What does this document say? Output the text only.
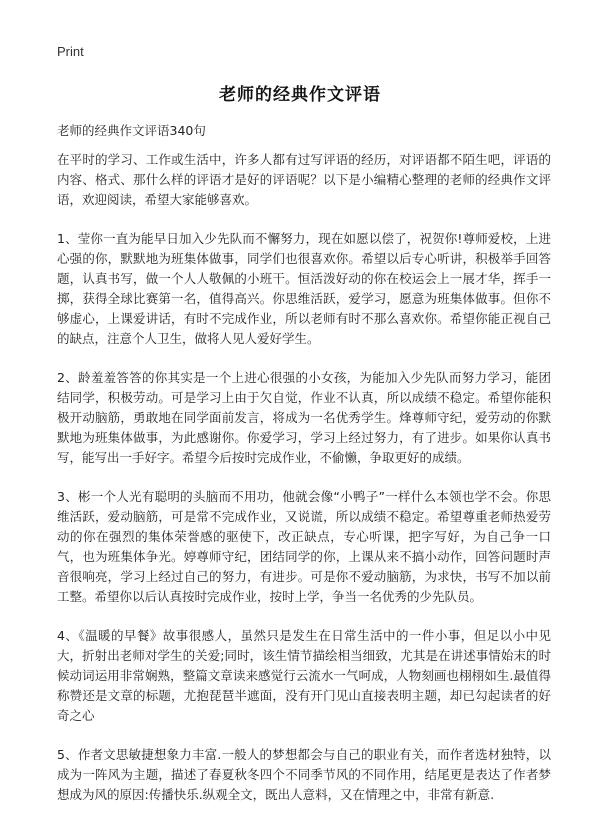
Print
老师的经典作文评语

老师的经典作文评语340句

在平时的学习、工作或生活中，许多人都有过写评语的经历，对评语都不陌生吧，评语的内容、格式、那什么样的评语才是好的评语呢？以下是小编精心整理的老师的经典作文评语，欢迎阅读，希望大家能够喜欢。

1、莹你一直为能早日加入少先队而不懈努力，现在如愿以偿了，祝贺你!尊师爱校，上进心强的你，默默地为班集体做事，同学们也很喜欢你。希望以后专心听讲，积极举手回答题，认真书写，做一个人人敬佩的小班干。恒活泼好动的你在校运会上一展才华，挥手一掷，获得全球比赛第一名，值得高兴。你思维活跃，爱学习，愿意为班集体做事。但你不够虚心，上课爱讲话，有时不完成作业，所以老师有时不那么喜欢你。希望你能正视自己的缺点，注意个人卫生，做将人见人爱好学生。

2、龄羞羞答答的你其实是一个上进心很强的小女孩，为能加入少先队而努力学习，能团结同学，积极劳动。可是学习上由于欠自觉，作业不认真，所以成绩不稳定。希望你能积极开动脑筋，勇敢地在同学面前发言，将成为一名优秀学生。烽尊师守纪，爱劳动的你默默地为班集体做事，为此感谢你。你爱学习，学习上经过努力，有了进步。如果你认真书写，能写出一手好字。希望今后按时完成作业，不偷懒，争取更好的成绩。

3、彬一个人光有聪明的头脑而不用功，他就会像“小鸭子”一样什么本领也学不会。你思维活跃，爱动脑筋，可是常不完成作业，又说谎，所以成绩不稳定。希望尊重老师热爱劳动的你在强烈的集体荣誉感的驱使下，改正缺点，专心听课，把字写好，为自己争一口气，也为班集体争光。婷尊师守纪，团结同学的你，上课从来不搞小动作，回答问题时声音很响亮，学习上经过自己的努力，有进步。可是你不爱动脑筋，为求快，书写不加以前工整。希望你以后认真按时完成作业，按时上学，争当一名优秀的少先队员。

4、《温暖的早餐》故事很感人，虽然只是发生在日常生活中的一件小事，但足以小中见大，折射出老师对学生的关爱;同时，该生情节描绘相当细致，尤其是在讲述事情始末的时候动词运用非常娴熟，整篇文章读来感觉行云流水一气呵成，人物刻画也栩栩如生.最值得称赞还是文章的标题，尤抱琵琶半遮面，没有开门见山直接表明主题，却已勾起读者的好奇之心

5、作者文思敏捷想象力丰富.一般人的梦想都会与自己的职业有关，而作者选材独特，以成为一阵风为主题，描述了春夏秋冬四个不同季节风的不同作用，结尾更是表达了作者梦想成为风的原因:传播快乐.纵观全文，既出人意料，又在情理之中，非常有新意.
